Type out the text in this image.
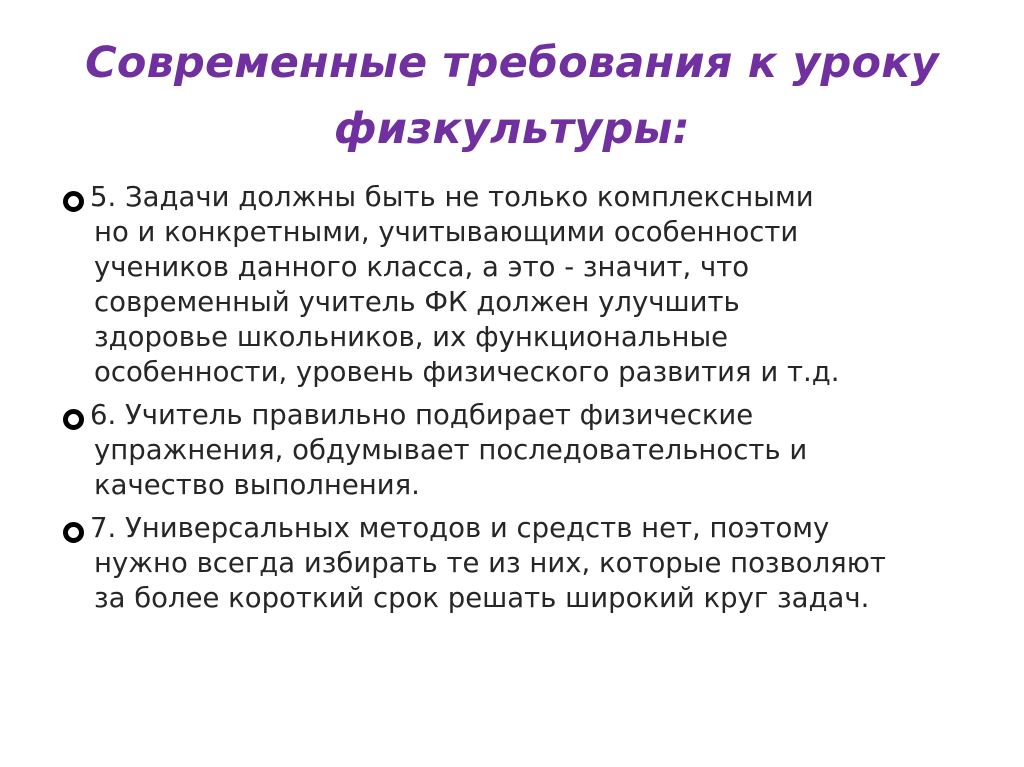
Современные требования к уроку
физкультуры:
5. Задачи должны быть не только комплексными
но и конкретными, учитывающими особенности
учеников данного класса, а это - значит, что
современный учитель ФК должен улучшить
здоровье школьников, их функциональные
особенности, уровень физического развития и т.д.
6. Учитель правильно подбирает физические
упражнения, обдумывает последовательность и
качество выполнения.
7. Универсальных методов и средств нет, поэтому
нужно всегда избирать те из них, которые позволяют
за более короткий срок решать широкий круг задач.
